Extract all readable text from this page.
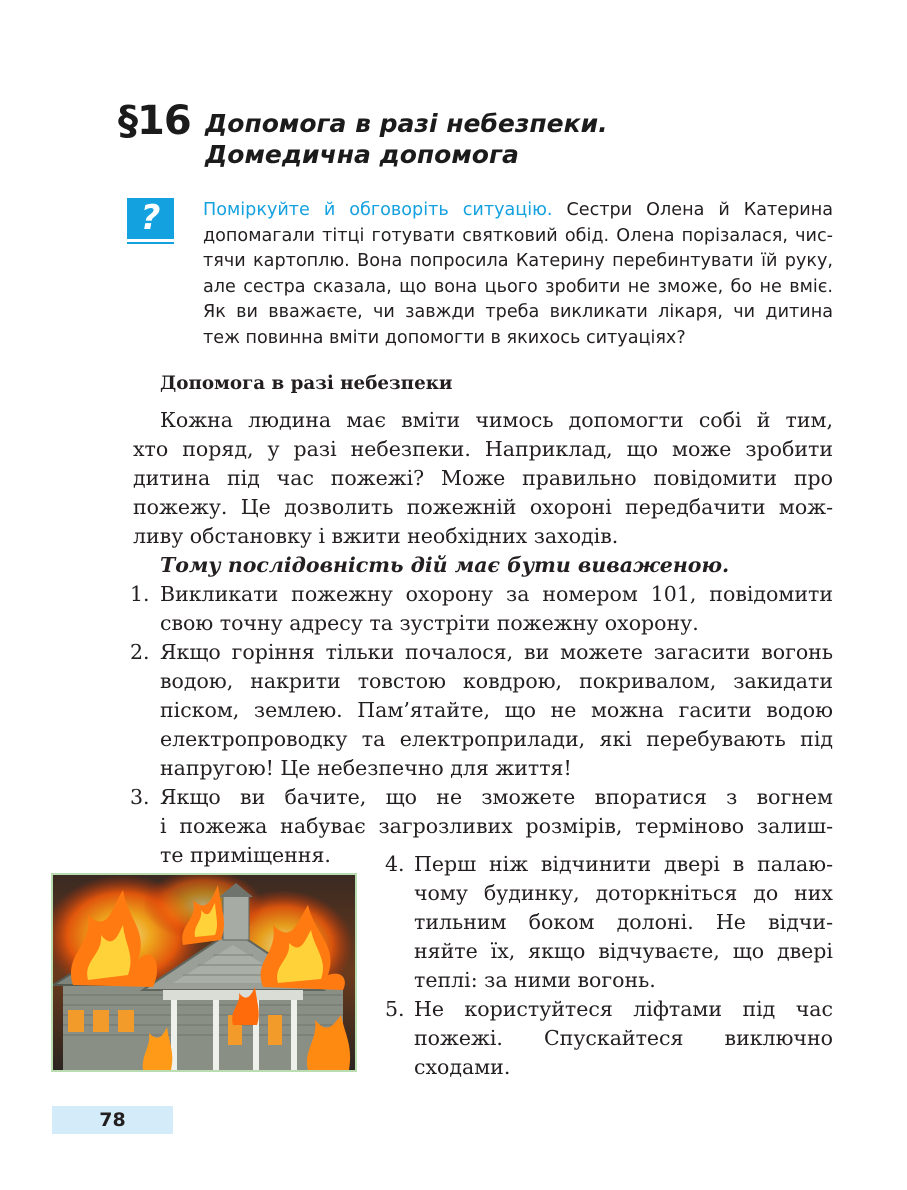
§16 Допомога в разі небезпеки.
Домедична допомога
?	Поміркуйте й обговоріть ситуацію. Сестри Олена й Катерина
допомагали тітці готувати святковий обід. Олена порізалася, чис-
тячи картоплю. Вона попросила Катерину перебинтувати їй руку,
але сестра сказала, що вона цього зробити не зможе, бо не вміє.
Як ви вважаєте, чи завжди треба викликати лікаря, чи дитина
теж повинна вміти допомогти в якихось ситуаціях?
Допомога в разі небезпеки
Кожна людина має вміти чимось допомогти собі й тим,
хто поряд, у разі небезпеки. Наприклад, що може зробити
дитина під час пожежі? Може правильно повідомити про
пожежу. Це дозволить пожежній охороні передбачити мож-
ливу обстановку і вжити необхідних заходів.
Тому послідовність дій має бути виваженою.
1. Викликати пожежну охорону за номером 101, повідомити
свою точну адресу та зустріти пожежну охорону.
2. Якщо горіння тільки почалося, ви можете загасити вогонь
водою, накрити товстою ковдрою, покривалом, закидати
піском, землею. Пам’ятайте, що не можна гасити водою
електропроводку та електроприлади, які перебувають під
напругою! Це небезпечно для життя!
3. Якщо ви бачите, що не зможете впоратися з вогнем
і пожежа набуває загрозливих розмірів, терміново залиш-
те приміщення.	4. Перш ніж відчинити двері в палаю-
чому будинку, доторкніться до них
тильним боком долоні. Не відчи-
няйте їх, якщо відчуваєте, що двері
теплі: за ними вогонь.
5. Не користуйтеся ліфтами під час
пожежі. Спускайтеся виключно
сходами.
78
